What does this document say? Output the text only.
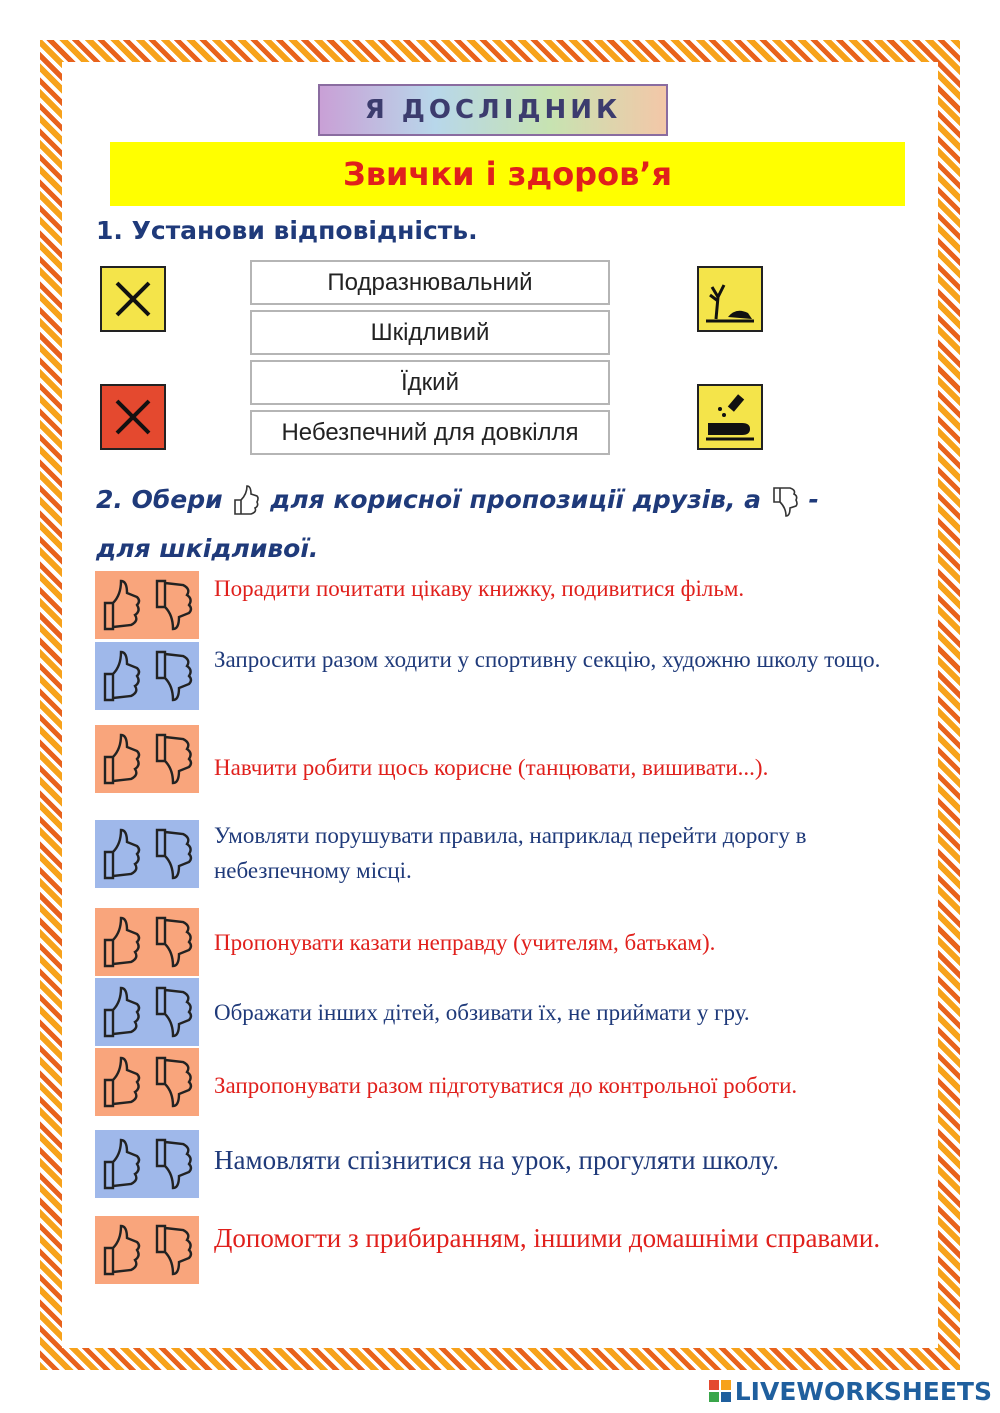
Я ДОСЛІДНИК
Звички і здоров’я
1. Установи відповідність.
Подразнювальний
Шкідливий
Їдкий
Небезпечний для довкілля
2. Обери для корисної пропозиції друзів, а -
для шкідливої.
Порадити почитати цікаву книжку, подивитися фільм.
Запросити разом ходити у спортивну секцію, художню школу тощо.
Навчити робити щось корисне (танцювати, вишивати...).
Умовляти порушувати правила, наприклад перейти дорогу в небезпечному місці.
Пропонувати казати неправду (учителям, батькам).
Ображати інших дітей, обзивати їх, не приймати у гру.
Запропонувати разом підготуватися до контрольної роботи.
Намовляти спізнитися на урок, прогуляти школу.
Допомогти з прибиранням, іншими домашніми справами.
LIVEWORKSHEETS
